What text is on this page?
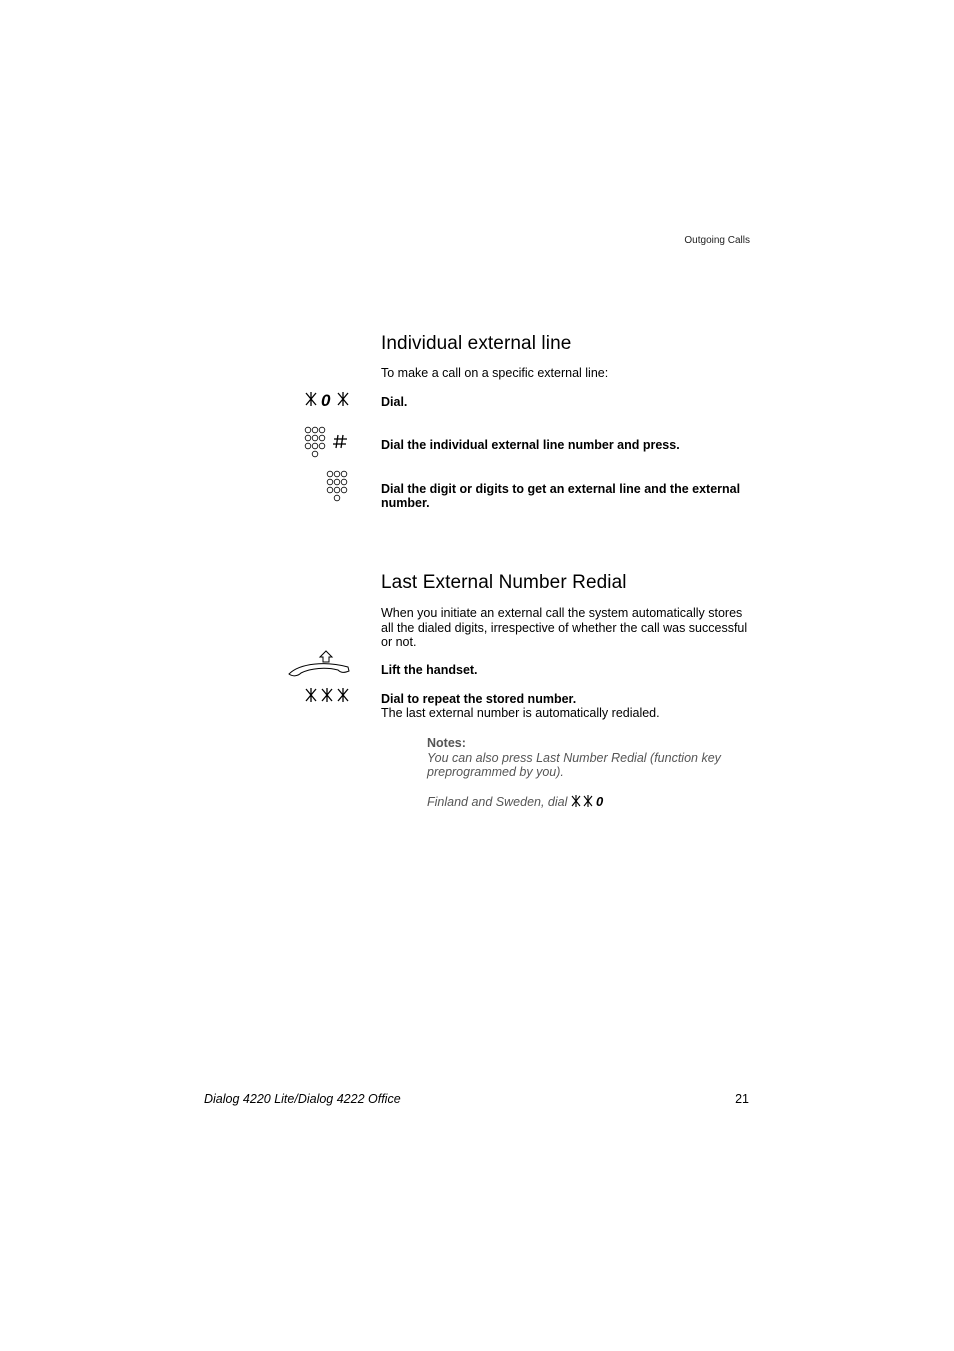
Outgoing Calls
Individual external line
To make a call on a specific external line:
0	Dial.
Dial the individual external line number and press.
Dial the digit or digits to get an external line and the external number.
Last External Number Redial
When you initiate an external call the system automatically stores all the dialed digits, irrespective of whether the call was successful or not.
Lift the handset.
Dial to repeat the stored number.
The last external number is automatically redialed.
Notes:
You can also press Last Number Redial (function key preprogrammed by you).
Finland and Sweden, dial 0
Dialog 4220 Lite/Dialog 4222 Office	21
